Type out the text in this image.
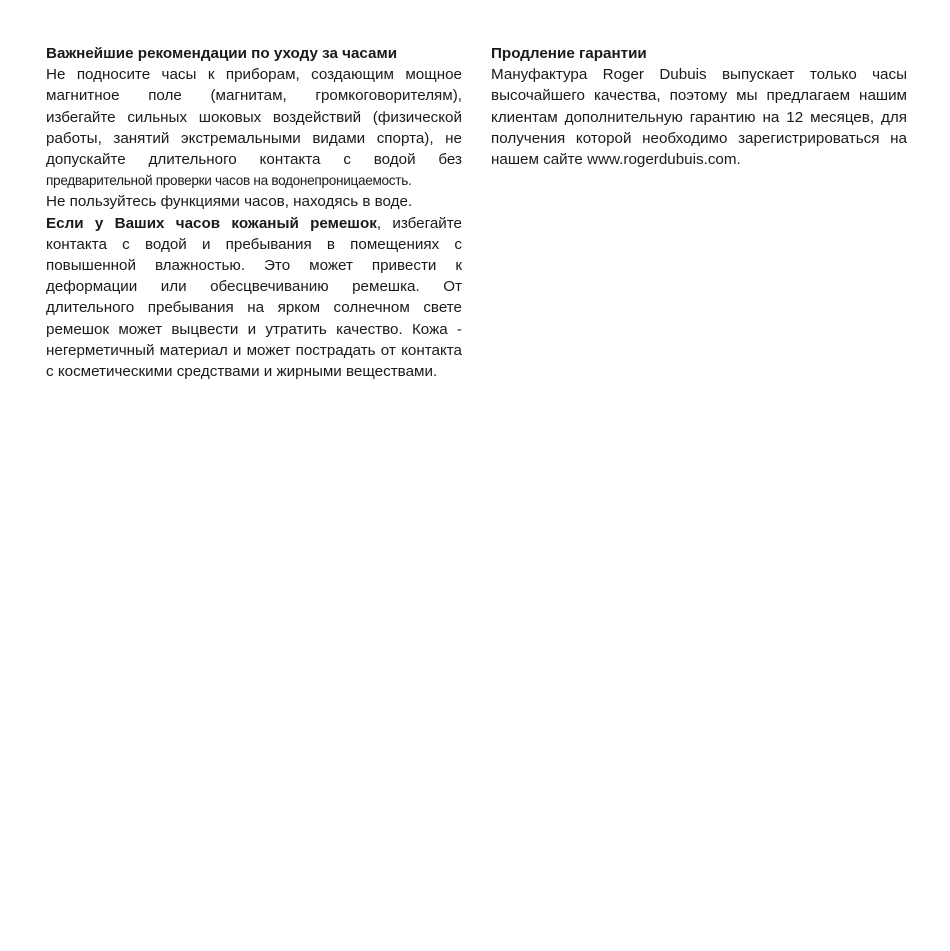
Важнейшие рекомендации по уходу за часами

Не подносите часы к приборам, создающим мощное
магнитное поле (магнитам, громкоговорителям),
избегайте сильных шоковых воздействий (физической
работы, занятий экстремальными видами спорта), не
допускайте длительного контакта с водой без
предварительной проверки часов на водонепроницаемость.
Не пользуйтесь функциями часов, находясь в воде.

Если у Ваших часов кожаный ремешок, избегайте контакта с водой и пребывания в помещениях с повышенной влажностью. Это может привести к деформации или обесцвечиванию ремешка. От длительного пребывания на ярком солнечном свете ремешок может выцвести и утратить качество. Кожа - негерметичный материал и может пострадать от контакта с косметическими средствами и жирными веществами.

Продление гарантии

Мануфактура Roger Dubuis выпускает только часы высочайшего качества, поэтому мы предлагаем нашим клиентам дополнительную гарантию на 12 месяцев, для получения которой необходимо зарегистрироваться на нашем сайте www.rogerdubuis.com.
